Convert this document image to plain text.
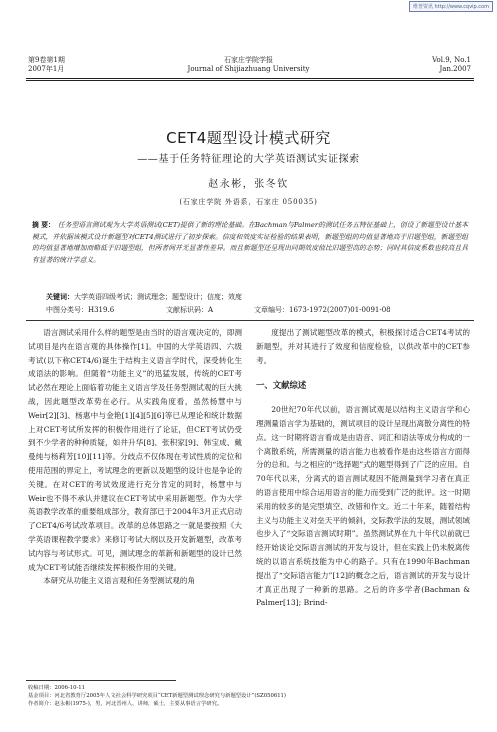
维普资讯 http://www.cqvip.com
第9卷第1期
2007年1月
石家庄学院学报
Journal of Shijiazhuang University
Vol.9, No.1
Jan.2007
CET4题型设计模式研究
——基于任务特征理论的大学英语测试实证探索
赵永彬，张冬钦
(石家庄学院 外语系，石家庄 050035)
摘 要： 任务型语言测试观为大学英语测试(CET)提供了新的理论基础。在Bachman与Palmer的测试任务五特征基础上，创设了新题型设计基本模式，并依据该模式设计新题型对CET4测试进行了初步探索。信度和效度实证检验的结果表明，新题型组的均值显著地高于旧题型组，新题型组的均值显著地增加而略低于旧题型组，但两者间并无显著性差异。而且新题型还呈现出同期效度值比旧题型高的态势；同时其信度系数也较高且具有显著的统计学意义。
关键词：大学英语四级考试；测试理念；题型设计；信度；效度
中图分类号：H319.6	文献标识码：A	文章编号：1673-1972(2007)01-0091-08

语言测试采用什么样的题型是由当时的语言观决定的，即测试项目是内在语言观的具体操作[1]。中国的大学英语四、六级考试(以下称CET4/6)诞生于结构主义语言学时代，深受转化生成语法的影响。但随着“功能主义”的迅猛发展，传统的CET考试必然在理论上面临着功能主义语言学及任务型测试观的巨大挑战，因此题型改革势在必行。从实践角度看，虽然杨慧中与Weir[2][3]、杨惠中与金艳[1][4][5][6]等已从理论和统计数据上对CET考试所发挥的积极作用进行了论证，但CET考试仍受到不少学者的种种质疑，如井升华[8]、张积家[9]、韩宝成、戴曼纯与杨莉芳[10][11]等。分歧点不仅体现在考试性质的定位和使用范围的界定上，考试理念的更新以及题型的设计也是争论的关键。在对CET的考试效度进行充分肯定的同时，杨慧中与Weir也不得不承认并建议在CET考试中采用新题型。作为大学英语教学改革的重要组成部分，教育部已于2004年3月正式启动了CET4/6考试改革项目。改革的总体思路之一就是要按照《大学英语课程教学要求》来修订考试大纲以及开发新题型，改革考试内容与考试形式。可见，测试理念的革新和新题型的设计已然成为CET考试能否继续发挥积极作用的关键。

本研究从功能主义语言观和任务型测试观的角

度提出了测试题型改革的模式，积极探讨适合CET4考试的新题型，并对其进行了效度和信度检验，以供改革中的CET参考。

一、文献综述

20世纪70年代以前，语言测试观是以结构主义语言学和心理测量语言学为基础的，测试项目的设计呈现出离散分离性的特点。这一时期将语言看成是由语音、词汇和语法等成分构成的一个离散系统，所需测量的语言能力也被看作是由这些语言方面得分的总和。与之相应的“选择题”式的题型得到了广泛的应用。自70年代以来，分离式的语言测试观因不能测量到学习者在真正的语言使用中综合运用语言的能力而受到广泛的批评。这一时期采用的较多的是完型填空、改错和作文。近二十年来，随着结构主义与功能主义对垒天平的倾斜，交际教学法的发展，测试领域也步入了“交际语言测试时期”。虽然测试界在九十年代以前就已经开始谈论交际语言测试的开发与设计，但在实践上仍未脱离传统的以语言系统技能为中心的路子。只有在1990年Bachman提出了“交际语言能力”[12]的概念之后，语言测试的开发与设计才真正出现了一种新的思路。之后的许多学者(Bachman & Palmer[13]; Brind-

收稿日期：2006-10-11
基金项目：河北省教育厅2005年人文社会科学研究项目“CET新题型测试理念研究与新题型设计”(SZ050611)
作者简介：赵永彬(1975-)，男，河北晋州人，讲师，硕士，主要从事语言学研究。
